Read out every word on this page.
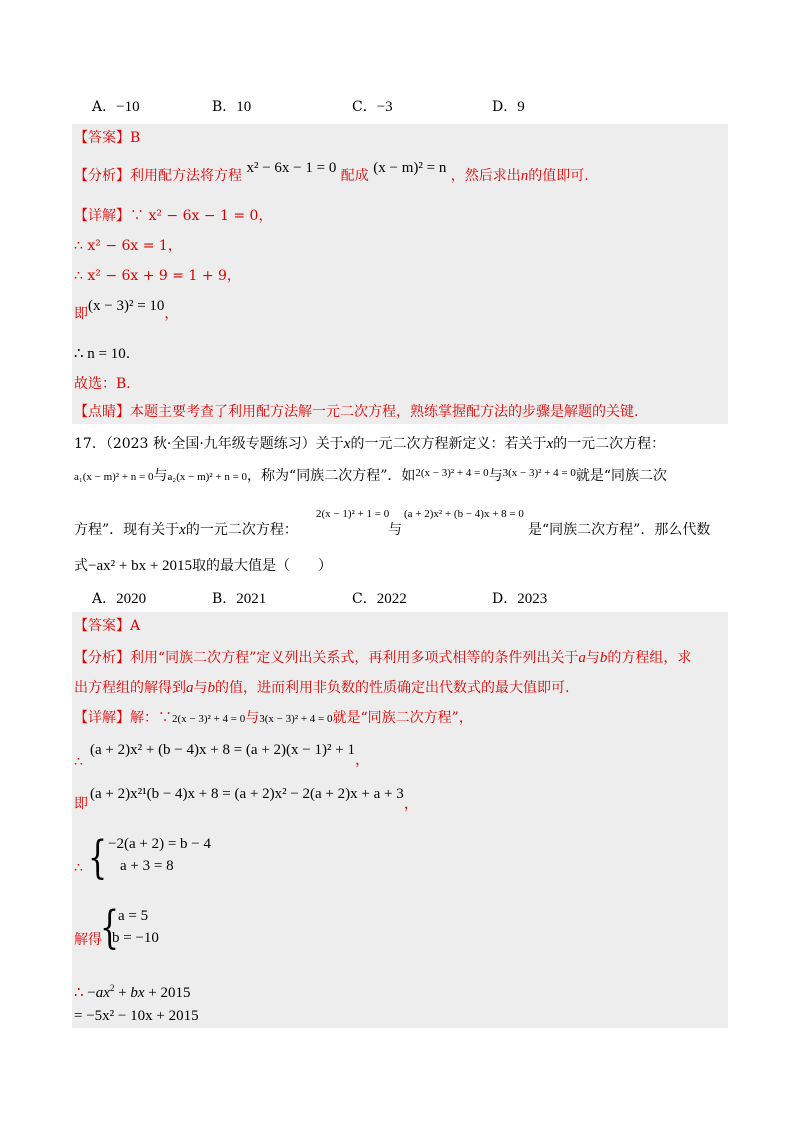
A．−10	B．10	C．−3	D．9
【答案】B
【分析】利用配方法将方程 x² − 6x − 1 = 0 配成 (x − m)² = n ，然后求出n的值即可.
【详解】∵ x² − 6x − 1 = 0，
∴ x² − 6x = 1，
∴ x² − 6x + 9 = 1 + 9，
即(x − 3)² = 10，
∴ n = 10.
故选：B．
【点睛】本题主要考查了利用配方法解一元二次方程，熟练掌握配方法的步骤是解题的关键.
17．（2023 秋·全国·九年级专题练习）关于x的一元二次方程新定义：若关于x的一元二次方程：
a₁(x − m)² + n = 0与a₂(x − m)² + n = 0，称为“同族二次方程”．如$^{2(x - 3)^2 + 4 = 0}$与$^{3(x - 3)^2 + 4 = 0}$就是“同族二次
方程”．现有关于x的一元二次方程：
2(x − 1)² + 1 = 0
与
(a + 2)x² + (b − 4)x + 8 = 0
是“同族二次方程”．那么代数
式−ax² + bx + 2015取的最大值是（　　）
A．2020	B．2021	C．2022	D．2023
【答案】A
【分析】利用“同族二次方程”定义列出关系式，再利用多项式相等的条件列出关于a与b的方程组，求
出方程组的解得到a与b的值，进而利用非负数的性质确定出代数式的最大值即可.
【详解】解：∵2(x − 3)² + 4 = 0与3(x − 3)² + 4 = 0就是“同族二次方程”，
∴
(a + 2)x² + (b − 4)x + 8 = (a + 2)(x − 1)² + 1，
即
(a + 2)x²¹(b − 4)x + 8 = (a + 2)x² − 2(a + 2)x + a + 3，
∴ { −2(a + 2) = b − 4
a + 3 = 8
解得
{
a = 5
b = −10
∴ $-ax^2$ + bx + 2015
= −5x² − 10x + 2015
